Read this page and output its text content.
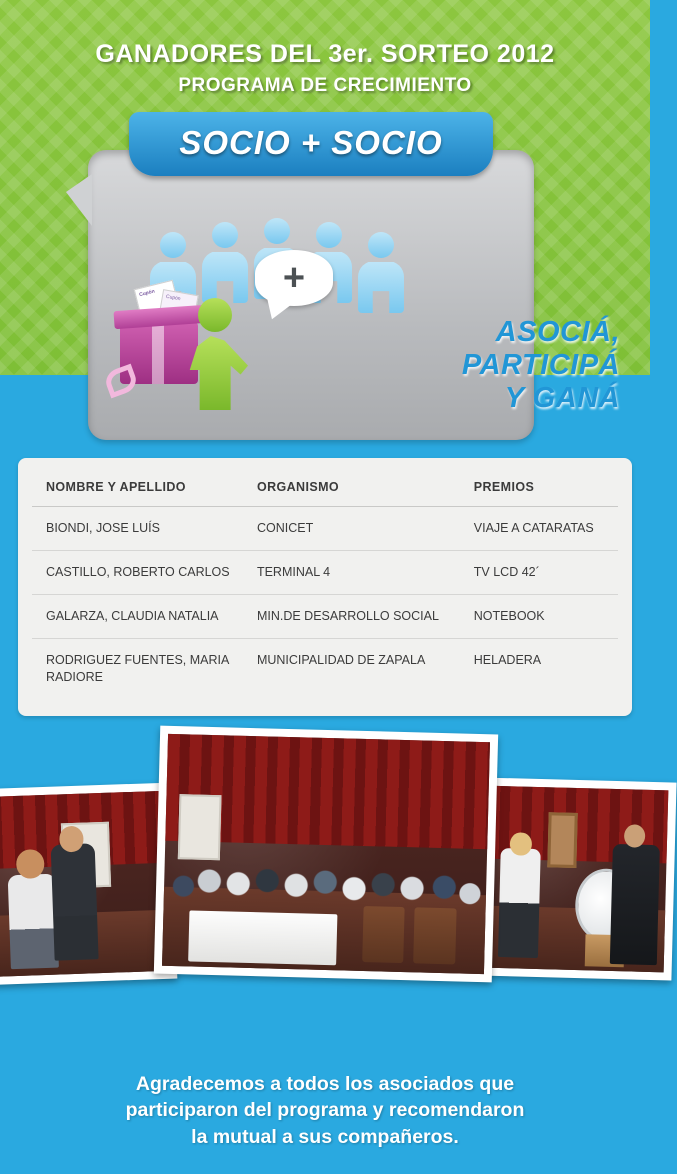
GANADORES DEL 3er. SORTEO 2012
PROGRAMA DE CRECIMIENTO
SOCIO + SOCIO
+
Cupón	Cupón
ASOCIÁ,
PARTICIPÁ
Y GANÁ
NOMBRE Y APELLIDO	ORGANISMO	PREMIOS
BIONDI, JOSE LUÍS	CONICET	VIAJE A CATARATAS
CASTILLO, ROBERTO CARLOS	TERMINAL 4	TV LCD 42´
GALARZA, CLAUDIA NATALIA	MIN.DE DESARROLLO SOCIAL	NOTEBOOK
RODRIGUEZ FUENTES, MARIA RADIORE	MUNICIPALIDAD DE ZAPALA	HELADERA
Agradecemos a todos los asociados que
participaron del programa y recomendaron
la mutual a sus compañeros.
